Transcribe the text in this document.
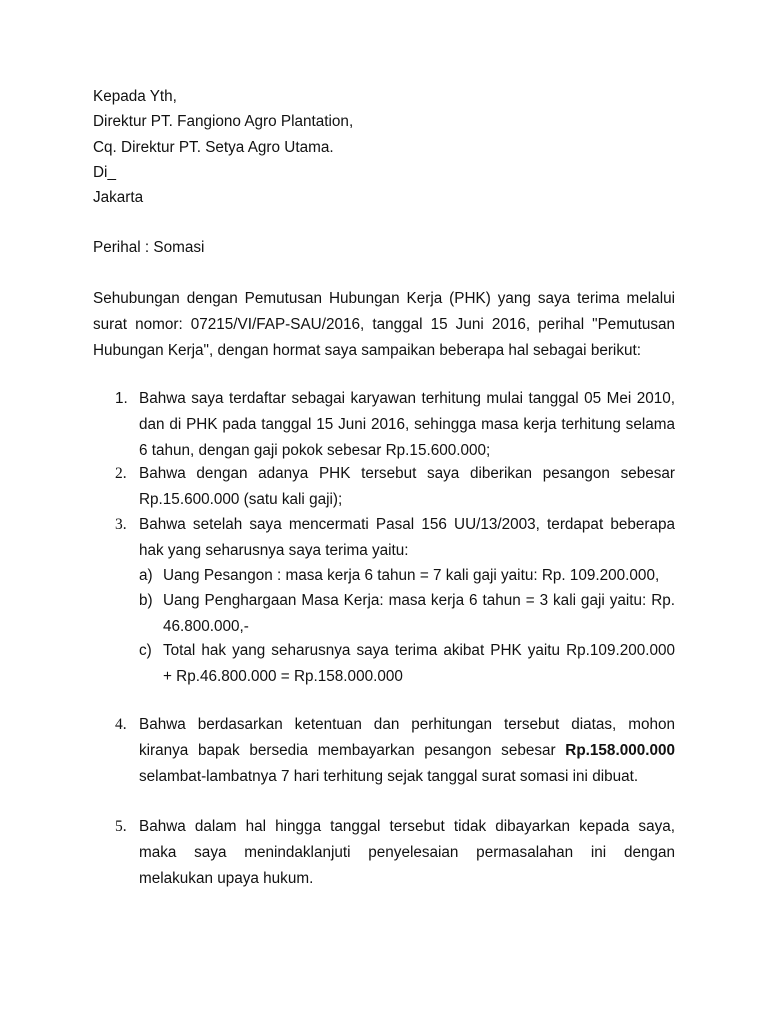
Kepada Yth,
Direktur PT. Fangiono Agro Plantation,
Cq. Direktur PT. Setya Agro Utama.
Di_
Jakarta
Perihal : Somasi
Sehubungan dengan Pemutusan Hubungan Kerja (PHK) yang saya terima melalui
surat nomor: 07215/VI/FAP-SAU/2016, tanggal 15 Juni 2016, perihal "Pemutusan
Hubungan Kerja", dengan hormat saya sampaikan beberapa hal sebagai berikut:
1. Bahwa saya terdaftar sebagai karyawan terhitung mulai tanggal 05 Mei 2010,
dan di PHK pada tanggal 15 Juni 2016, sehingga masa kerja terhitung selama
6 tahun, dengan gaji pokok sebesar Rp.15.600.000;
2. Bahwa dengan adanya PHK tersebut saya diberikan pesangon sebesar
Rp.15.600.000 (satu kali gaji);
3. Bahwa setelah saya mencermati Pasal 156 UU/13/2003, terdapat beberapa
hak yang seharusnya saya terima yaitu:
a) Uang Pesangon : masa kerja 6 tahun = 7 kali gaji yaitu: Rp. 109.200.000,
b) Uang Penghargaan Masa Kerja: masa kerja 6 tahun = 3 kali gaji yaitu: Rp.
46.800.000,-
c) Total hak yang seharusnya saya terima akibat PHK yaitu Rp.109.200.000
+ Rp.46.800.000 = Rp.158.000.000
4. Bahwa berdasarkan ketentuan dan perhitungan tersebut diatas, mohon
kiranya bapak bersedia membayarkan pesangon sebesar Rp.158.000.000
selambat-lambatnya 7 hari terhitung sejak tanggal surat somasi ini dibuat.
5. Bahwa dalam hal hingga tanggal tersebut tidak dibayarkan kepada saya,
maka saya menindaklanjuti penyelesaian permasalahan ini dengan
melakukan upaya hukum.
